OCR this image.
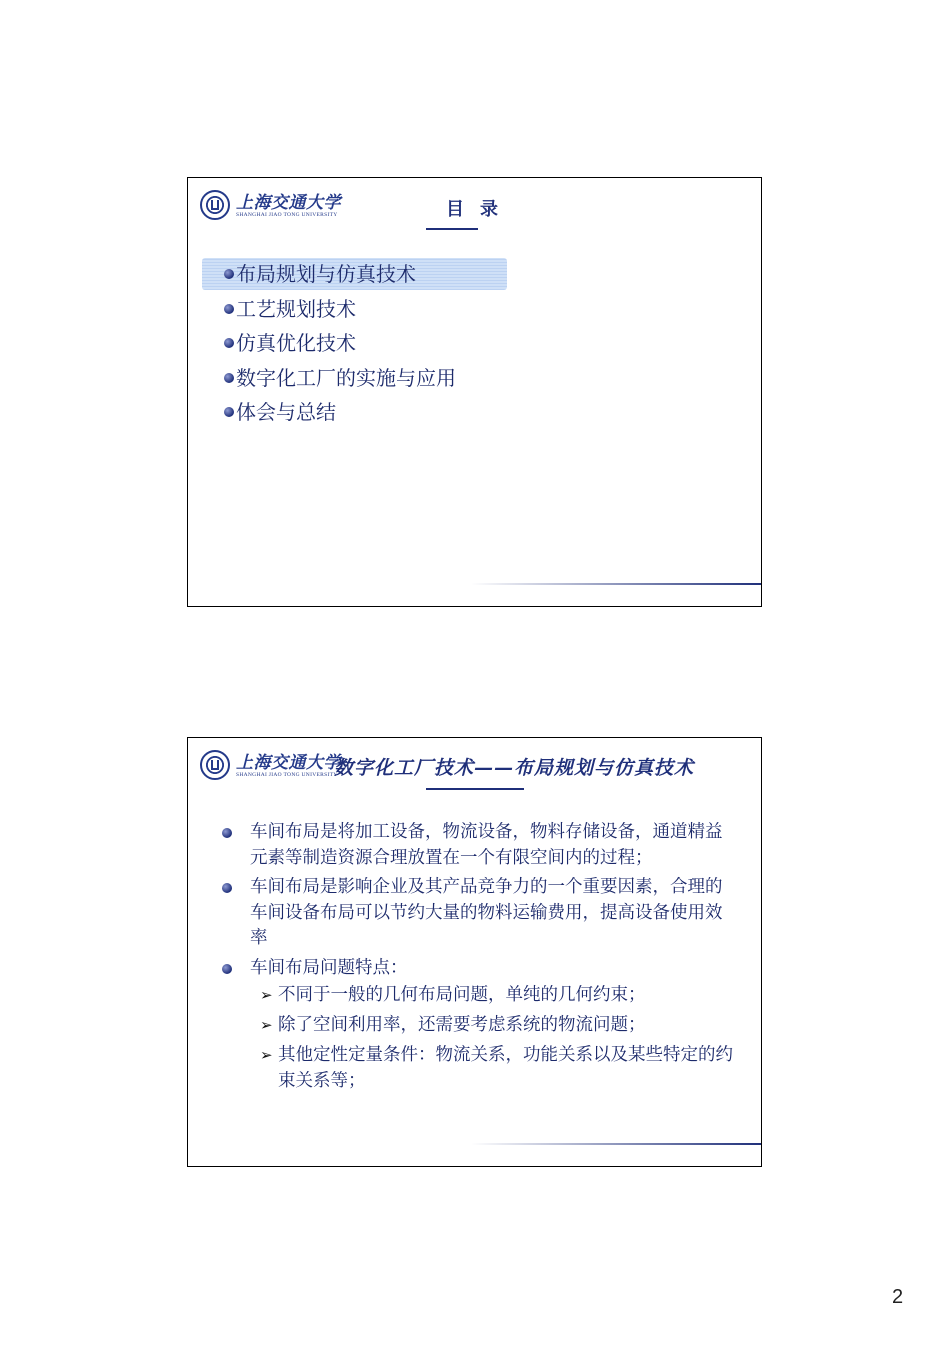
上海交通大学
SHANGHAI JIAO TONG UNIVERSITY	目录
布局规划与仿真技术
工艺规划技术
仿真优化技术
数字化工厂的实施与应用
体会与总结
上海交通大学
SHANGHAI JIAO TONG UNIVERSITY
数字化工厂技术——布局规划与仿真技术
车间布局是将加工设备，物流设备，物料存储设备，通道精益元素等制造资源合理放置在一个有限空间内的过程；
车间布局是影响企业及其产品竞争力的一个重要因素，合理的车间设备布局可以节约大量的物料运输费用，提高设备使用效率
车间布局问题特点：
➢ 不同于一般的几何布局问题，单纯的几何约束；
➢ 除了空间利用率，还需要考虑系统的物流问题；
➢ 其他定性定量条件：物流关系，功能关系以及某些特定的约束关系等；
2
